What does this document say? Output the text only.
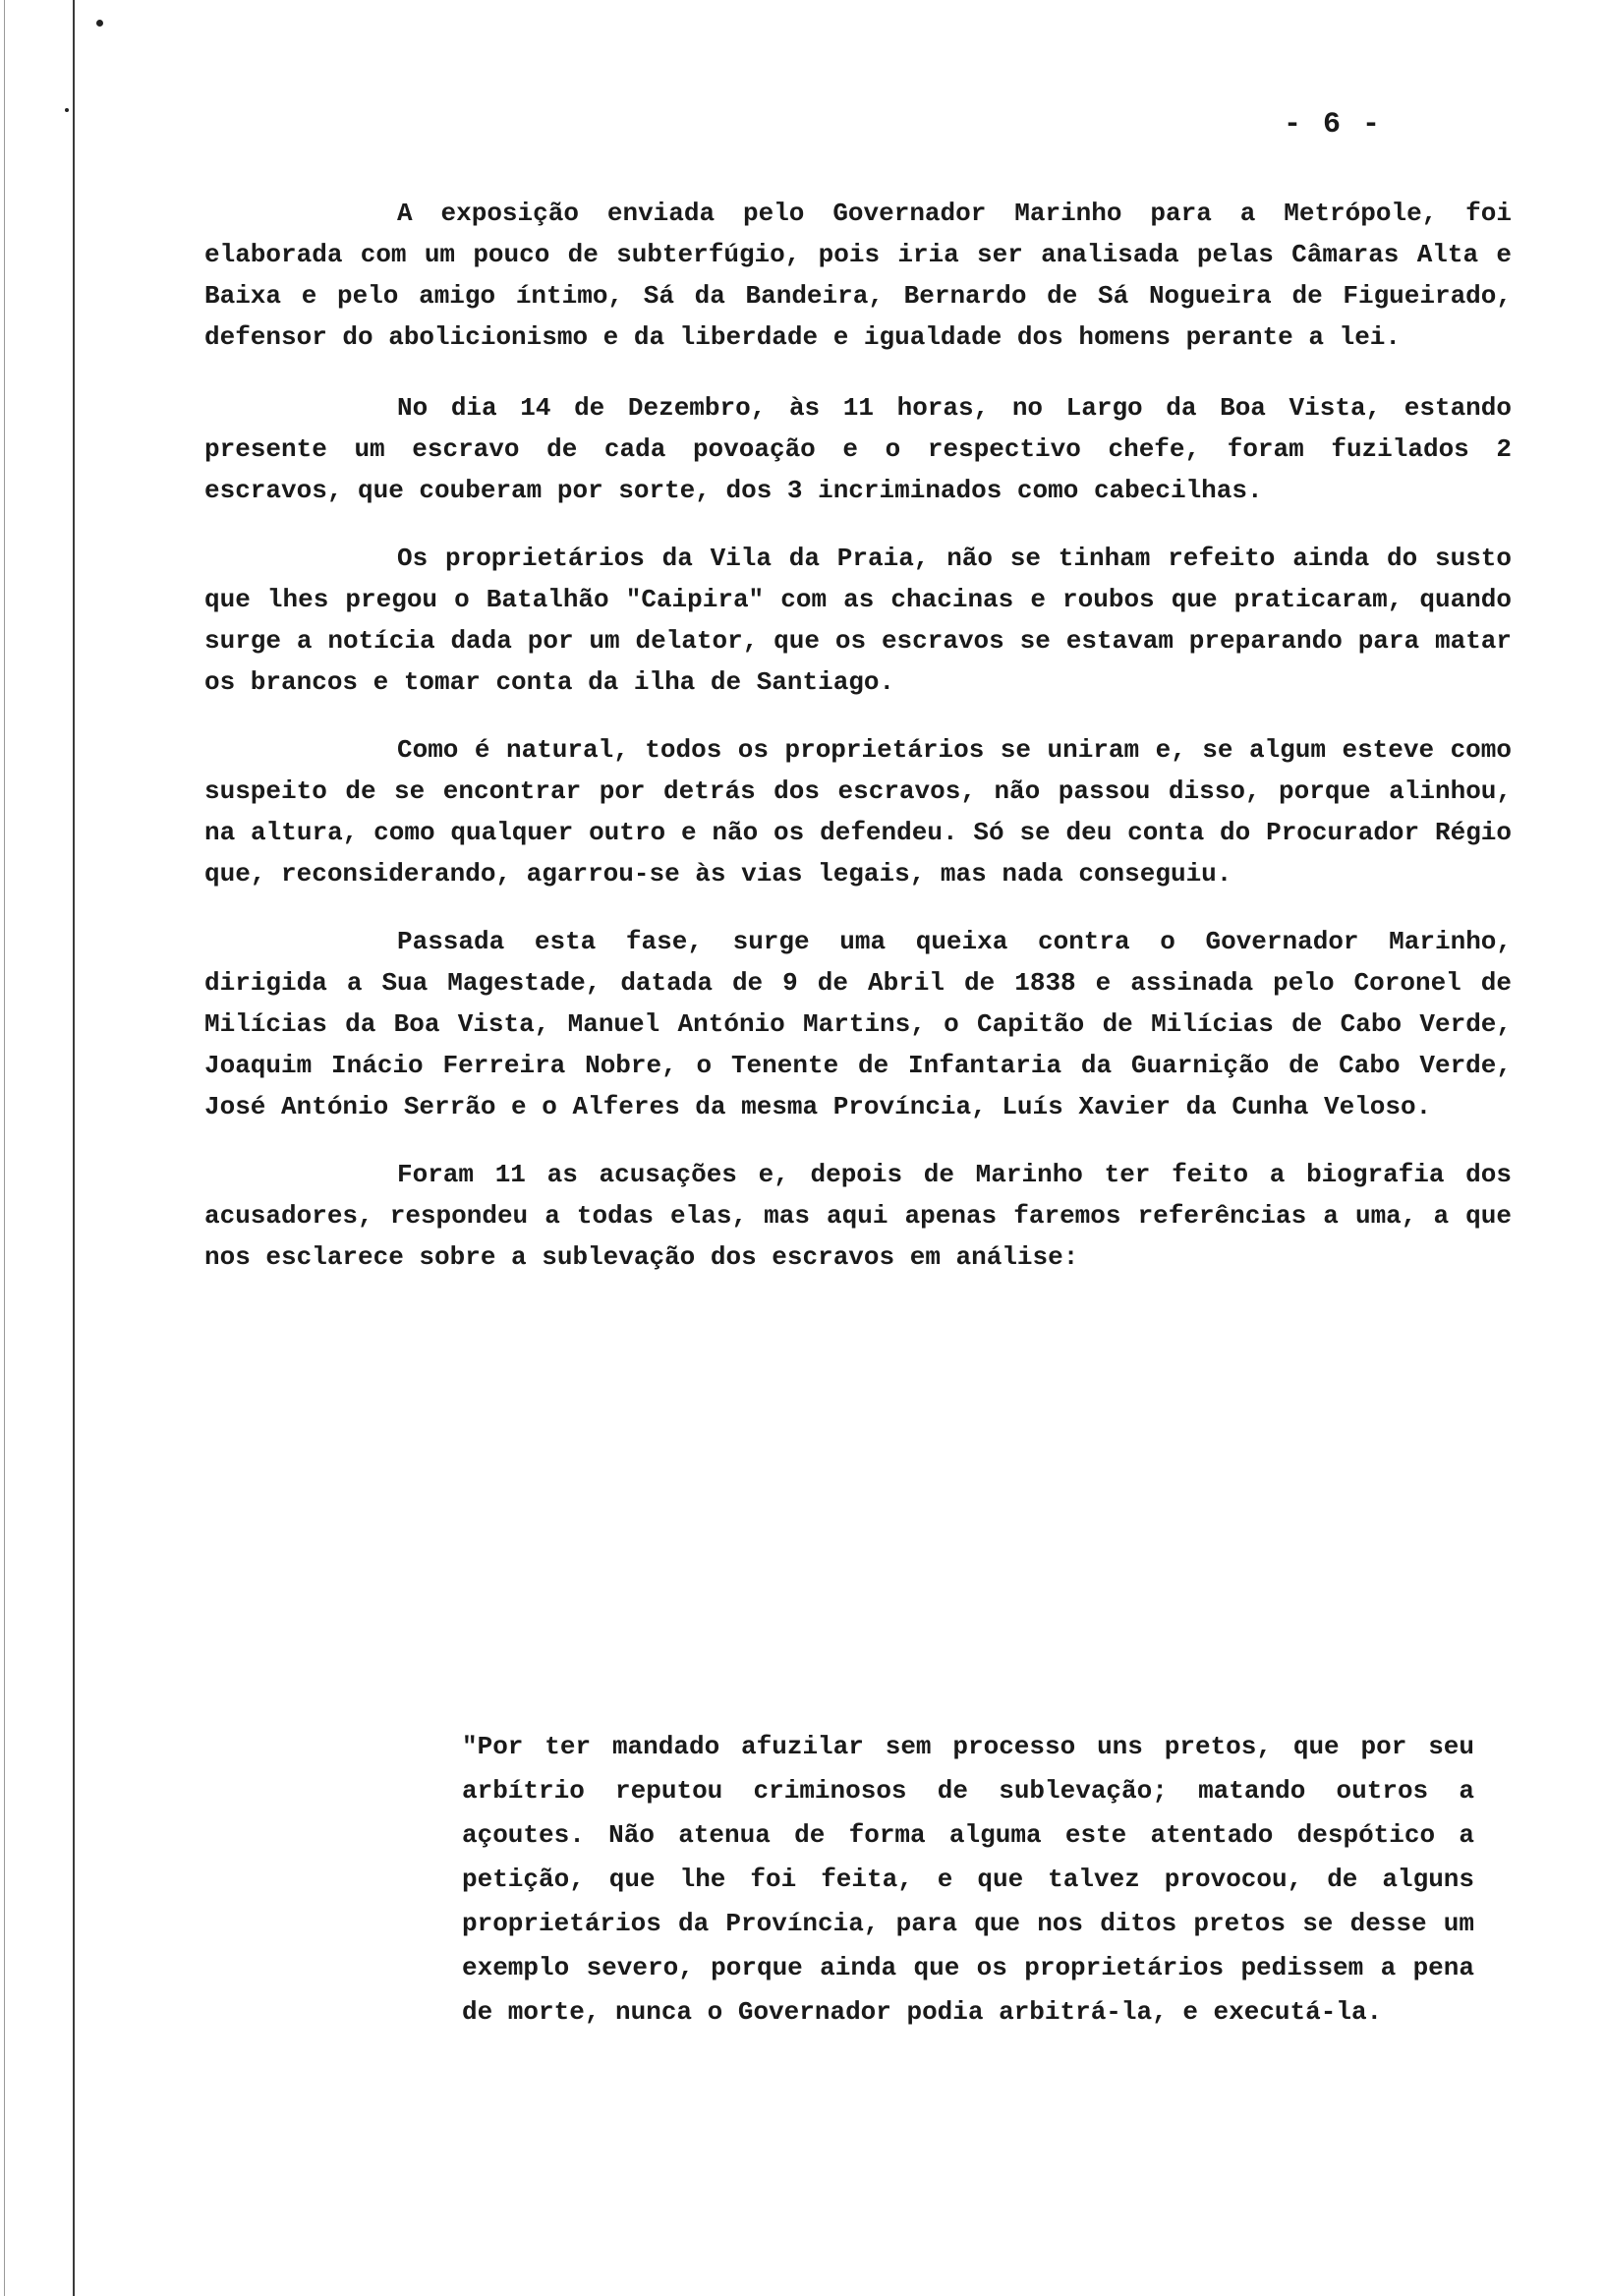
- 6 -

A exposição enviada pelo Governador Marinho para a Metrópole, foi elaborada com um pouco de subterfúgio, pois iria ser analisada pelas Câmaras Alta e Baixa e pelo amigo íntimo, Sá da Bandeira, Bernardo de Sá Nogueira de Figueirado, defensor do abolicionismo e da liberdade e igualdade dos homens perante a lei.

No dia 14 de Dezembro, às 11 horas, no Largo da Boa Vista, estando presente um escravo de cada povoação e o respectivo chefe, foram fuzilados 2 escravos, que couberam por sorte, dos 3 incriminados como cabecilhas.

Os proprietários da Vila da Praia, não se tinham refeito ainda do susto que lhes pregou o Batalhão "Caipira" com as chacinas e roubos que praticaram, quando surge a notícia dada por um delator, que os escravos se estavam preparando para matar os brancos e tomar conta da ilha de Santiago.

Como é natural, todos os proprietários se uniram e, se algum esteve como suspeito de se encontrar por detrás dos escravos, não passou disso, porque alinhou, na altura, como qualquer outro e não os defendeu. Só se deu conta do Procurador Régio que, reconsiderando, agarrou-se às vias legais, mas nada conseguiu.

Passada esta fase, surge uma queixa contra o Governador Marinho, dirigida a Sua Magestade, datada de 9 de Abril de 1838 e assinada pelo Coronel de Milícias da Boa Vista, Manuel António Martins, o Capitão de Milícias de Cabo Verde, Joaquim Inácio Ferreira Nobre, o Tenente de Infantaria da Guarnição de Cabo Verde, José António Serrão e o Alferes da mesma Província, Luís Xavier da Cunha Veloso.

Foram 11 as acusações e, depois de Marinho ter feito a biografia dos acusadores, respondeu a todas elas, mas aqui apenas faremos referências a uma, a que nos esclarece sobre a sublevação dos escravos em análise:

"Por ter mandado afuzilar sem processo uns pretos, que por seu arbítrio reputou criminosos de sublevação; matando outros a açoutes. Não atenua de forma alguma este atentado despótico a petição, que lhe foi feita, e que talvez provocou, de alguns proprietários da Província, para que nos ditos pretos se desse um exemplo severo, porque ainda que os proprietários pedissem a pena de morte, nunca o Governador podia arbitrá-la, e executá-la.
